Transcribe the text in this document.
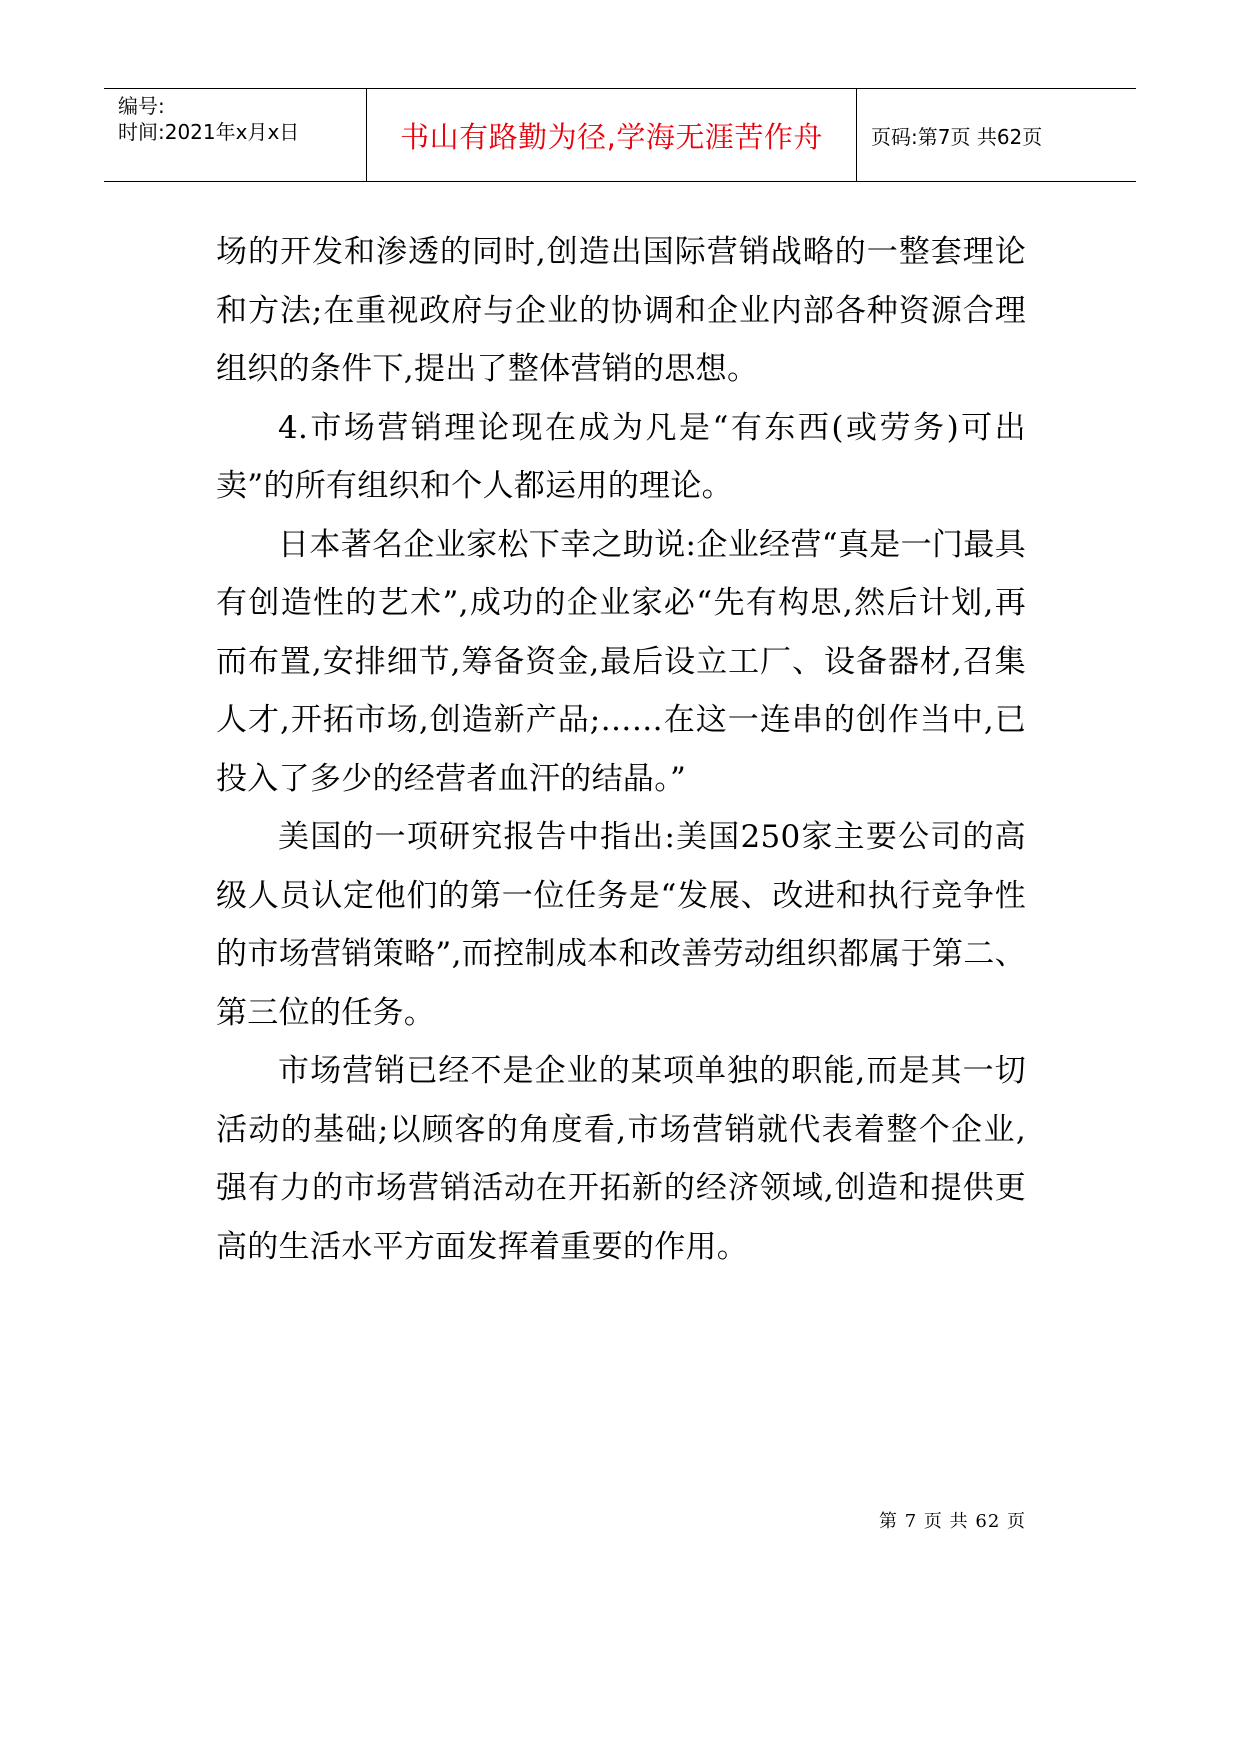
编号:
时间:2021年x月x日	书山有路勤为径,学海无涯苦作舟	页码:第7页 共62页

场的开发和渗透的同时,创造出国际营销战略的一整套理论和方法;在重视政府与企业的协调和企业内部各种资源合理组织的条件下,提出了整体营销的思想。

4.市场营销理论现在成为凡是“有东西(或劳务)可出卖”的所有组织和个人都运用的理论。

日本著名企业家松下幸之助说:企业经营“真是一门最具有创造性的艺术”,成功的企业家必“先有构思,然后计划,再而布置,安排细节,筹备资金,最后设立工厂、设备器材,召集人才,开拓市场,创造新产品;……在这一连串的创作当中,已投入了多少的经营者血汗的结晶。”

美国的一项研究报告中指出:美国250家主要公司的高级人员认定他们的第一位任务是“发展、改进和执行竞争性的市场营销策略”,而控制成本和改善劳动组织都属于第二、第三位的任务。

市场营销已经不是企业的某项单独的职能,而是其一切活动的基础;以顾客的角度看,市场营销就代表着整个企业,强有力的市场营销活动在开拓新的经济领域,创造和提供更高的生活水平方面发挥着重要的作用。

第 7 页 共 62 页
